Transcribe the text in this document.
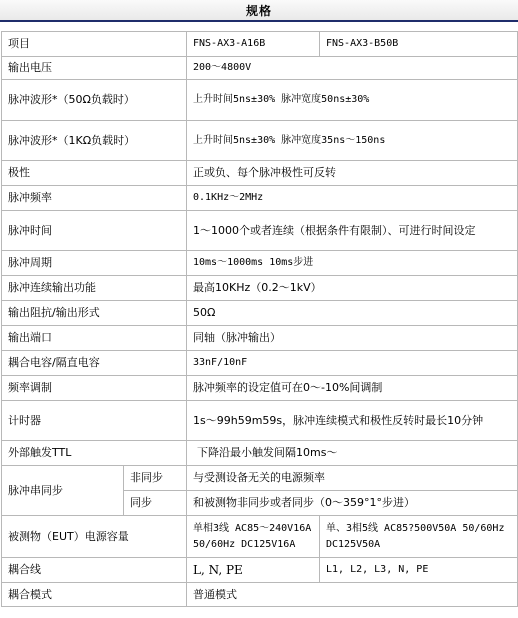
规格
项目		FNS-AX3-A16B	FNS-AX3-B50B
输出电压		200～4800V	
脉冲波形*（50Ω负载时）		上升时间5ns±30% 脉冲宽度50ns±30%	
脉冲波形*（1KΩ负载时）		上升时间5ns±30% 脉冲宽度35ns～150ns	
极性		正或负、每个脉冲极性可反转	
脉冲频率		0.1KHz～2MHz	
脉冲时间		1～1000个或者连续（根据条件有限制）、可进行时间设定	
脉冲周期		10ms～1000ms 10ms步进	
脉冲连续输出功能		最高10KHz（0.2～1kV）	
输出阻抗/输出形式		50Ω	
输出端口		同轴（脉冲输出）	
耦合电容/隔直电容		33nF/10nF	
频率调制		脉冲频率的设定值可在0～-10%间调制	
计时器		1s～99h59m59s，脉冲连续模式和极性反转时最长10分钟	
外部触发TTL		下降沿最小触发间隔10ms～	
脉冲串同步	非同步	与受测设备无关的电源频率	
	同步	和被测物非同步或者同步（0～359°1°步进）	
被测物（EUT）电源容量		单相3线 AC85～240V16A 50/60Hz DC125V16A	单、3相5线 AC85?500V50A 50/60Hz DC125V50A
耦合线		L, N, PE	L1, L2, L3, N, PE
耦合模式		普通模式	
